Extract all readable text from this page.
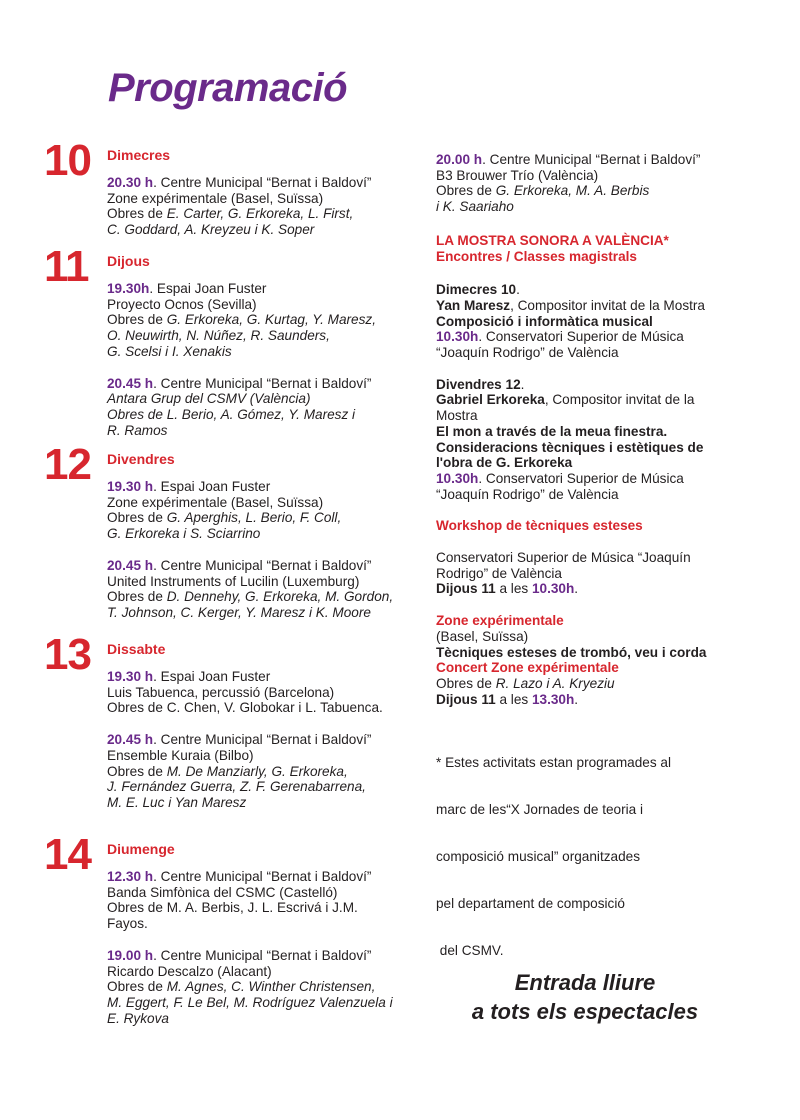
Programació
10 Dimecres
20.30 h. Centre Municipal “Bernat i Baldoví”
Zone expérimentale (Basel, Suïssa)
Obres de E. Carter, G. Erkoreka, L. First,
C. Goddard, A. Kreyzeu i K. Soper
11 Dijous
19.30h. Espai Joan Fuster
Proyecto Ocnos (Sevilla)
Obres de G. Erkoreka, G. Kurtag, Y. Maresz,
O. Neuwirth, N. Núñez, R. Saunders,
G. Scelsi i I. Xenakis
20.45 h. Centre Municipal “Bernat i Baldoví”
Antara Grup del CSMV (València)
Obres de L. Berio, A. Gómez, Y. Maresz i
R. Ramos
12 Divendres
19.30 h. Espai Joan Fuster
Zone expérimentale (Basel, Suïssa)
Obres de G. Aperghis, L. Berio, F. Coll,
G. Erkoreka i S. Sciarrino
20.45 h. Centre Municipal “Bernat i Baldoví”
United Instruments of Lucilin (Luxemburg)
Obres de D. Dennehy, G. Erkoreka, M. Gordon,
T. Johnson, C. Kerger, Y. Maresz i K. Moore
13 Dissabte
19.30 h. Espai Joan Fuster
Luis Tabuenca, percussió (Barcelona)
Obres de C. Chen, V. Globokar i L. Tabuenca.
20.45 h. Centre Municipal “Bernat i Baldoví”
Ensemble Kuraia (Bilbo)
Obres de M. De Manziarly, G. Erkoreka,
J. Fernández Guerra, Z. F. Gerenabarrena,
M. E. Luc i Yan Maresz
14 Diumenge
12.30 h. Centre Municipal “Bernat i Baldoví”
Banda Simfònica del CSMC (Castelló)
Obres de M. A. Berbis, J. L. Escrivá i J.M. Fayos.
19.00 h. Centre Municipal “Bernat i Baldoví”
Ricardo Descalzo (Alacant)
Obres de M. Agnes, C. Winther Christensen,
M. Eggert, F. Le Bel, M. Rodríguez Valenzuela i
E. Rykova
20.00 h. Centre Municipal “Bernat i Baldoví”
B3 Brouwer Trío (València)
Obres de G. Erkoreka, M. A. Berbis
i K. Saariaho
LA MOSTRA SONORA A VALÈNCIA*
Encontres / Classes magistrals
Dimecres 10.
Yan Maresz, Compositor invitat de la Mostra
Composició i informàtica musical
10.30h. Conservatori Superior de Música
“Joaquín Rodrigo” de València
Divendres 12.
Gabriel Erkoreka, Compositor invitat de la
Mostra
El mon a través de la meua finestra.
Consideracions tècniques i estètiques de
l'obra de G. Erkoreka
10.30h. Conservatori Superior de Música
“Joaquín Rodrigo” de València
Workshop de tècniques esteses
Conservatori Superior de Música “Joaquín
Rodrigo” de València
Dijous 11 a les 10.30h.
Zone expérimentale
(Basel, Suïssa)
Tècniques esteses de trombó, veu i corda
Concert Zone expérimentale
Obres de R. Lazo i A. Kryeziu
Dijous 11 a les 13.30h.

* Estes activitats estan programades al

marc de les“X Jornades de teoria i

composició musical” organitzades

pel departament de composició

del CSMV.

Entrada lliure
a tots els espectacles
